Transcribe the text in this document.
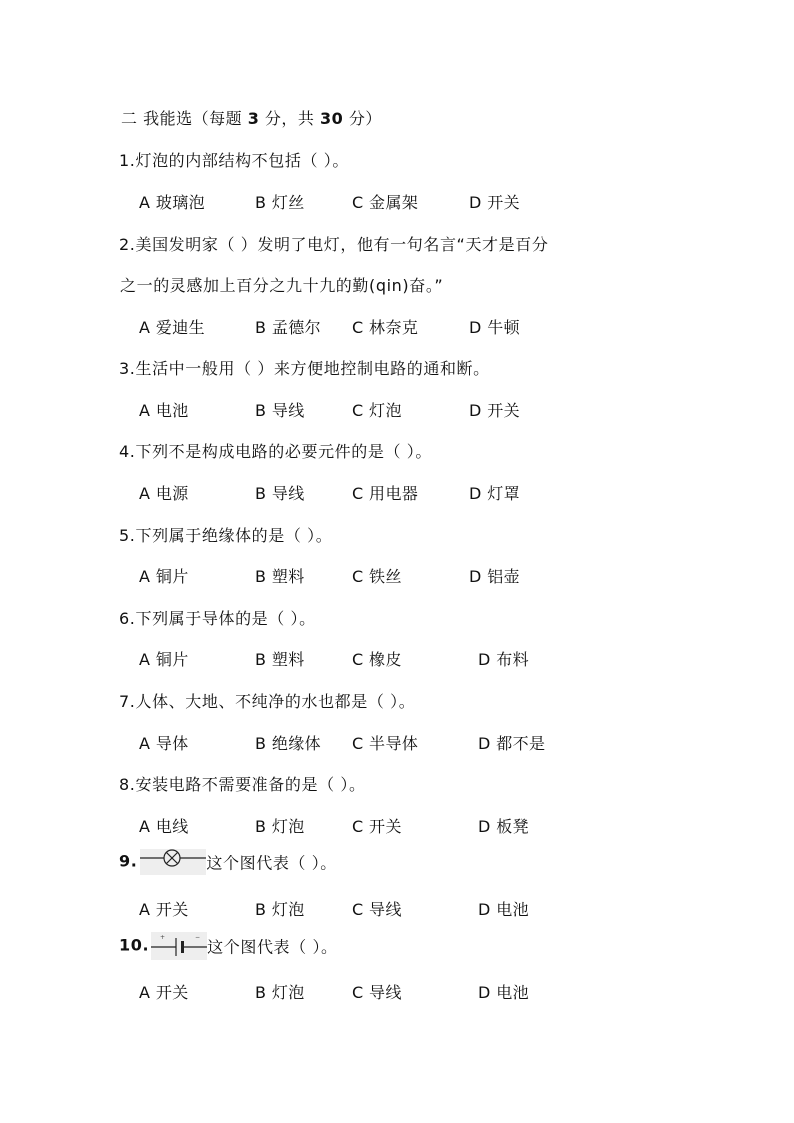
二 我能选（每题 3 分，共 30 分）
1.灯泡的内部结构不包括（ ）。
A 玻璃泡	B 灯丝	C 金属架	D 开关
2.美国发明家（ ）发明了电灯，他有一句名言“天才是百分
之一的灵感加上百分之九十九的勤(qin)奋。”
A 爱迪生	B 孟德尔 C 林奈克	D 牛顿
3.生活中一般用（ ）来方便地控制电路的通和断。
A 电池	B 导线	C 灯泡	D 开关
4.下列不是构成电路的必要元件的是（ ）。
A 电源	B 导线	C 用电器	D 灯罩
5.下列属于绝缘体的是（ ）。
A 铜片	B 塑料	C 铁丝	D 铝壶
6.下列属于导体的是（ ）。
A 铜片	B 塑料	C 橡皮	D 布料
7.人体、大地、不纯净的水也都是（ ）。
A 导体	B 绝缘体 C 半导体	D 都不是
8.安装电路不需要准备的是（ ）。
A 电线	B 灯泡	C 开关	D 板凳
9.	这个图代表（ ）。
A 开关	B 灯泡	C 导线	D 电池
10. +	− 这个图代表（ ）。
A 开关	B 灯泡	C 导线	D 电池
